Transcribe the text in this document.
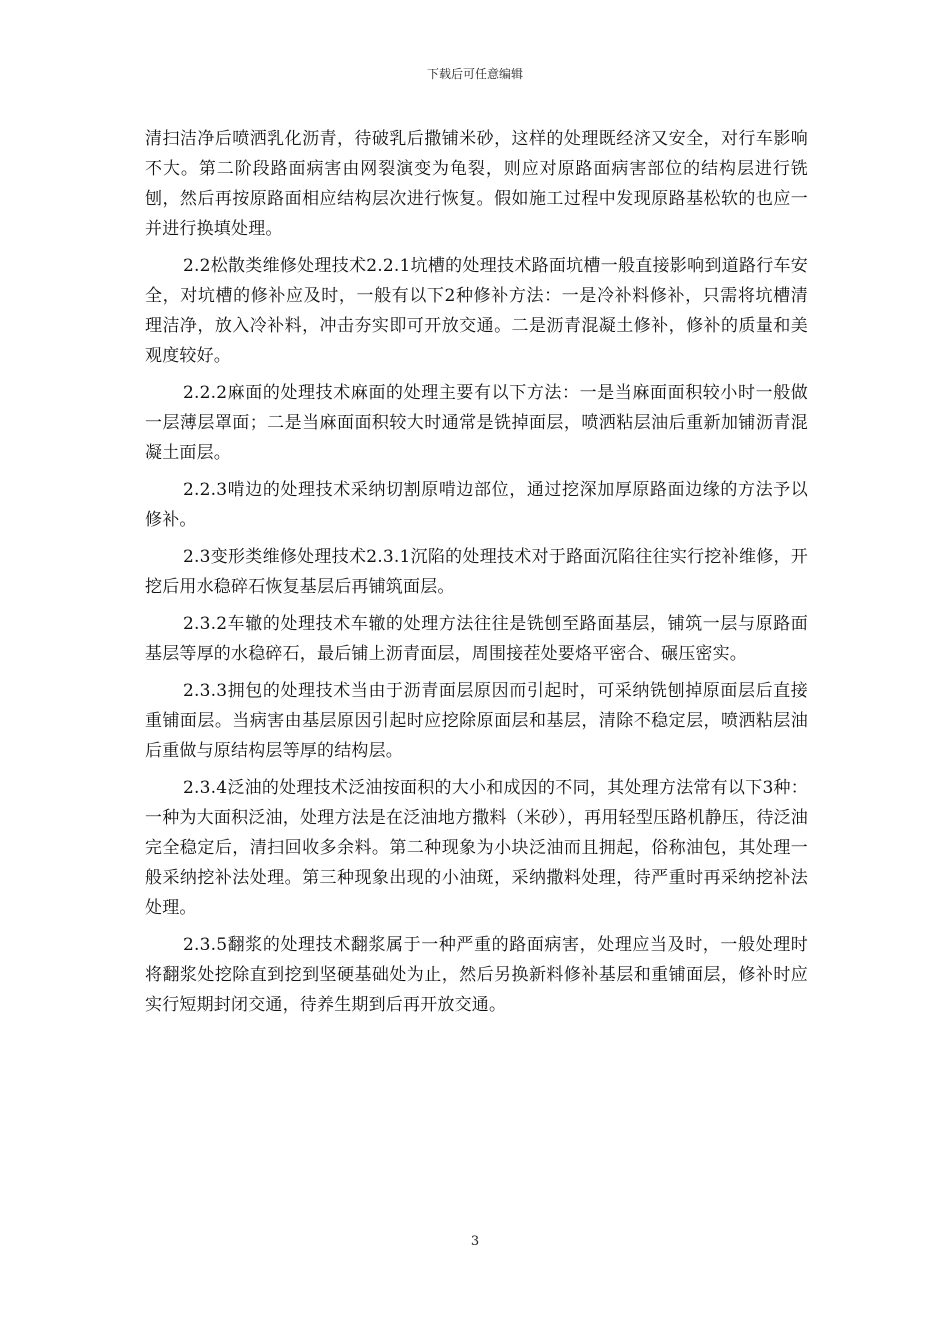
下载后可任意编辑

清扫洁净后喷洒乳化沥青，待破乳后撒铺米砂，这样的处理既经济又安全，对行车影响不大。第二阶段路面病害由网裂演变为龟裂，则应对原路面病害部位的结构层进行铣刨，然后再按原路面相应结构层次进行恢复。假如施工过程中发现原路基松软的也应一并进行换填处理。

2.2松散类维修处理技术2.2.1坑槽的处理技术路面坑槽一般直接影响到道路行车安全，对坑槽的修补应及时，一般有以下2种修补方法：一是冷补料修补，只需将坑槽清理洁净，放入冷补料，冲击夯实即可开放交通。二是沥青混凝土修补，修补的质量和美观度较好。

2.2.2麻面的处理技术麻面的处理主要有以下方法：一是当麻面面积较小时一般做一层薄层罩面；二是当麻面面积较大时通常是铣掉面层，喷洒粘层油后重新加铺沥青混凝土面层。

2.2.3啃边的处理技术采纳切割原啃边部位，通过挖深加厚原路面边缘的方法予以修补。

2.3变形类维修处理技术2.3.1沉陷的处理技术对于路面沉陷往往实行挖补维修，开挖后用水稳碎石恢复基层后再铺筑面层。

2.3.2车辙的处理技术车辙的处理方法往往是铣刨至路面基层，铺筑一层与原路面基层等厚的水稳碎石，最后铺上沥青面层，周围接茬处要烙平密合、碾压密实。

2.3.3拥包的处理技术当由于沥青面层原因而引起时，可采纳铣刨掉原面层后直接重铺面层。当病害由基层原因引起时应挖除原面层和基层，清除不稳定层，喷洒粘层油后重做与原结构层等厚的结构层。

2.3.4泛油的处理技术泛油按面积的大小和成因的不同，其处理方法常有以下3种：一种为大面积泛油，处理方法是在泛油地方撒料（米砂），再用轻型压路机静压，待泛油完全稳定后，清扫回收多余料。第二种现象为小块泛油而且拥起，俗称油包，其处理一般采纳挖补法处理。第三种现象出现的小油斑，采纳撒料处理，待严重时再采纳挖补法处理。

2.3.5翻浆的处理技术翻浆属于一种严重的路面病害，处理应当及时，一般处理时将翻浆处挖除直到挖到坚硬基础处为止，然后另换新料修补基层和重铺面层，修补时应实行短期封闭交通，待养生期到后再开放交通。

3
